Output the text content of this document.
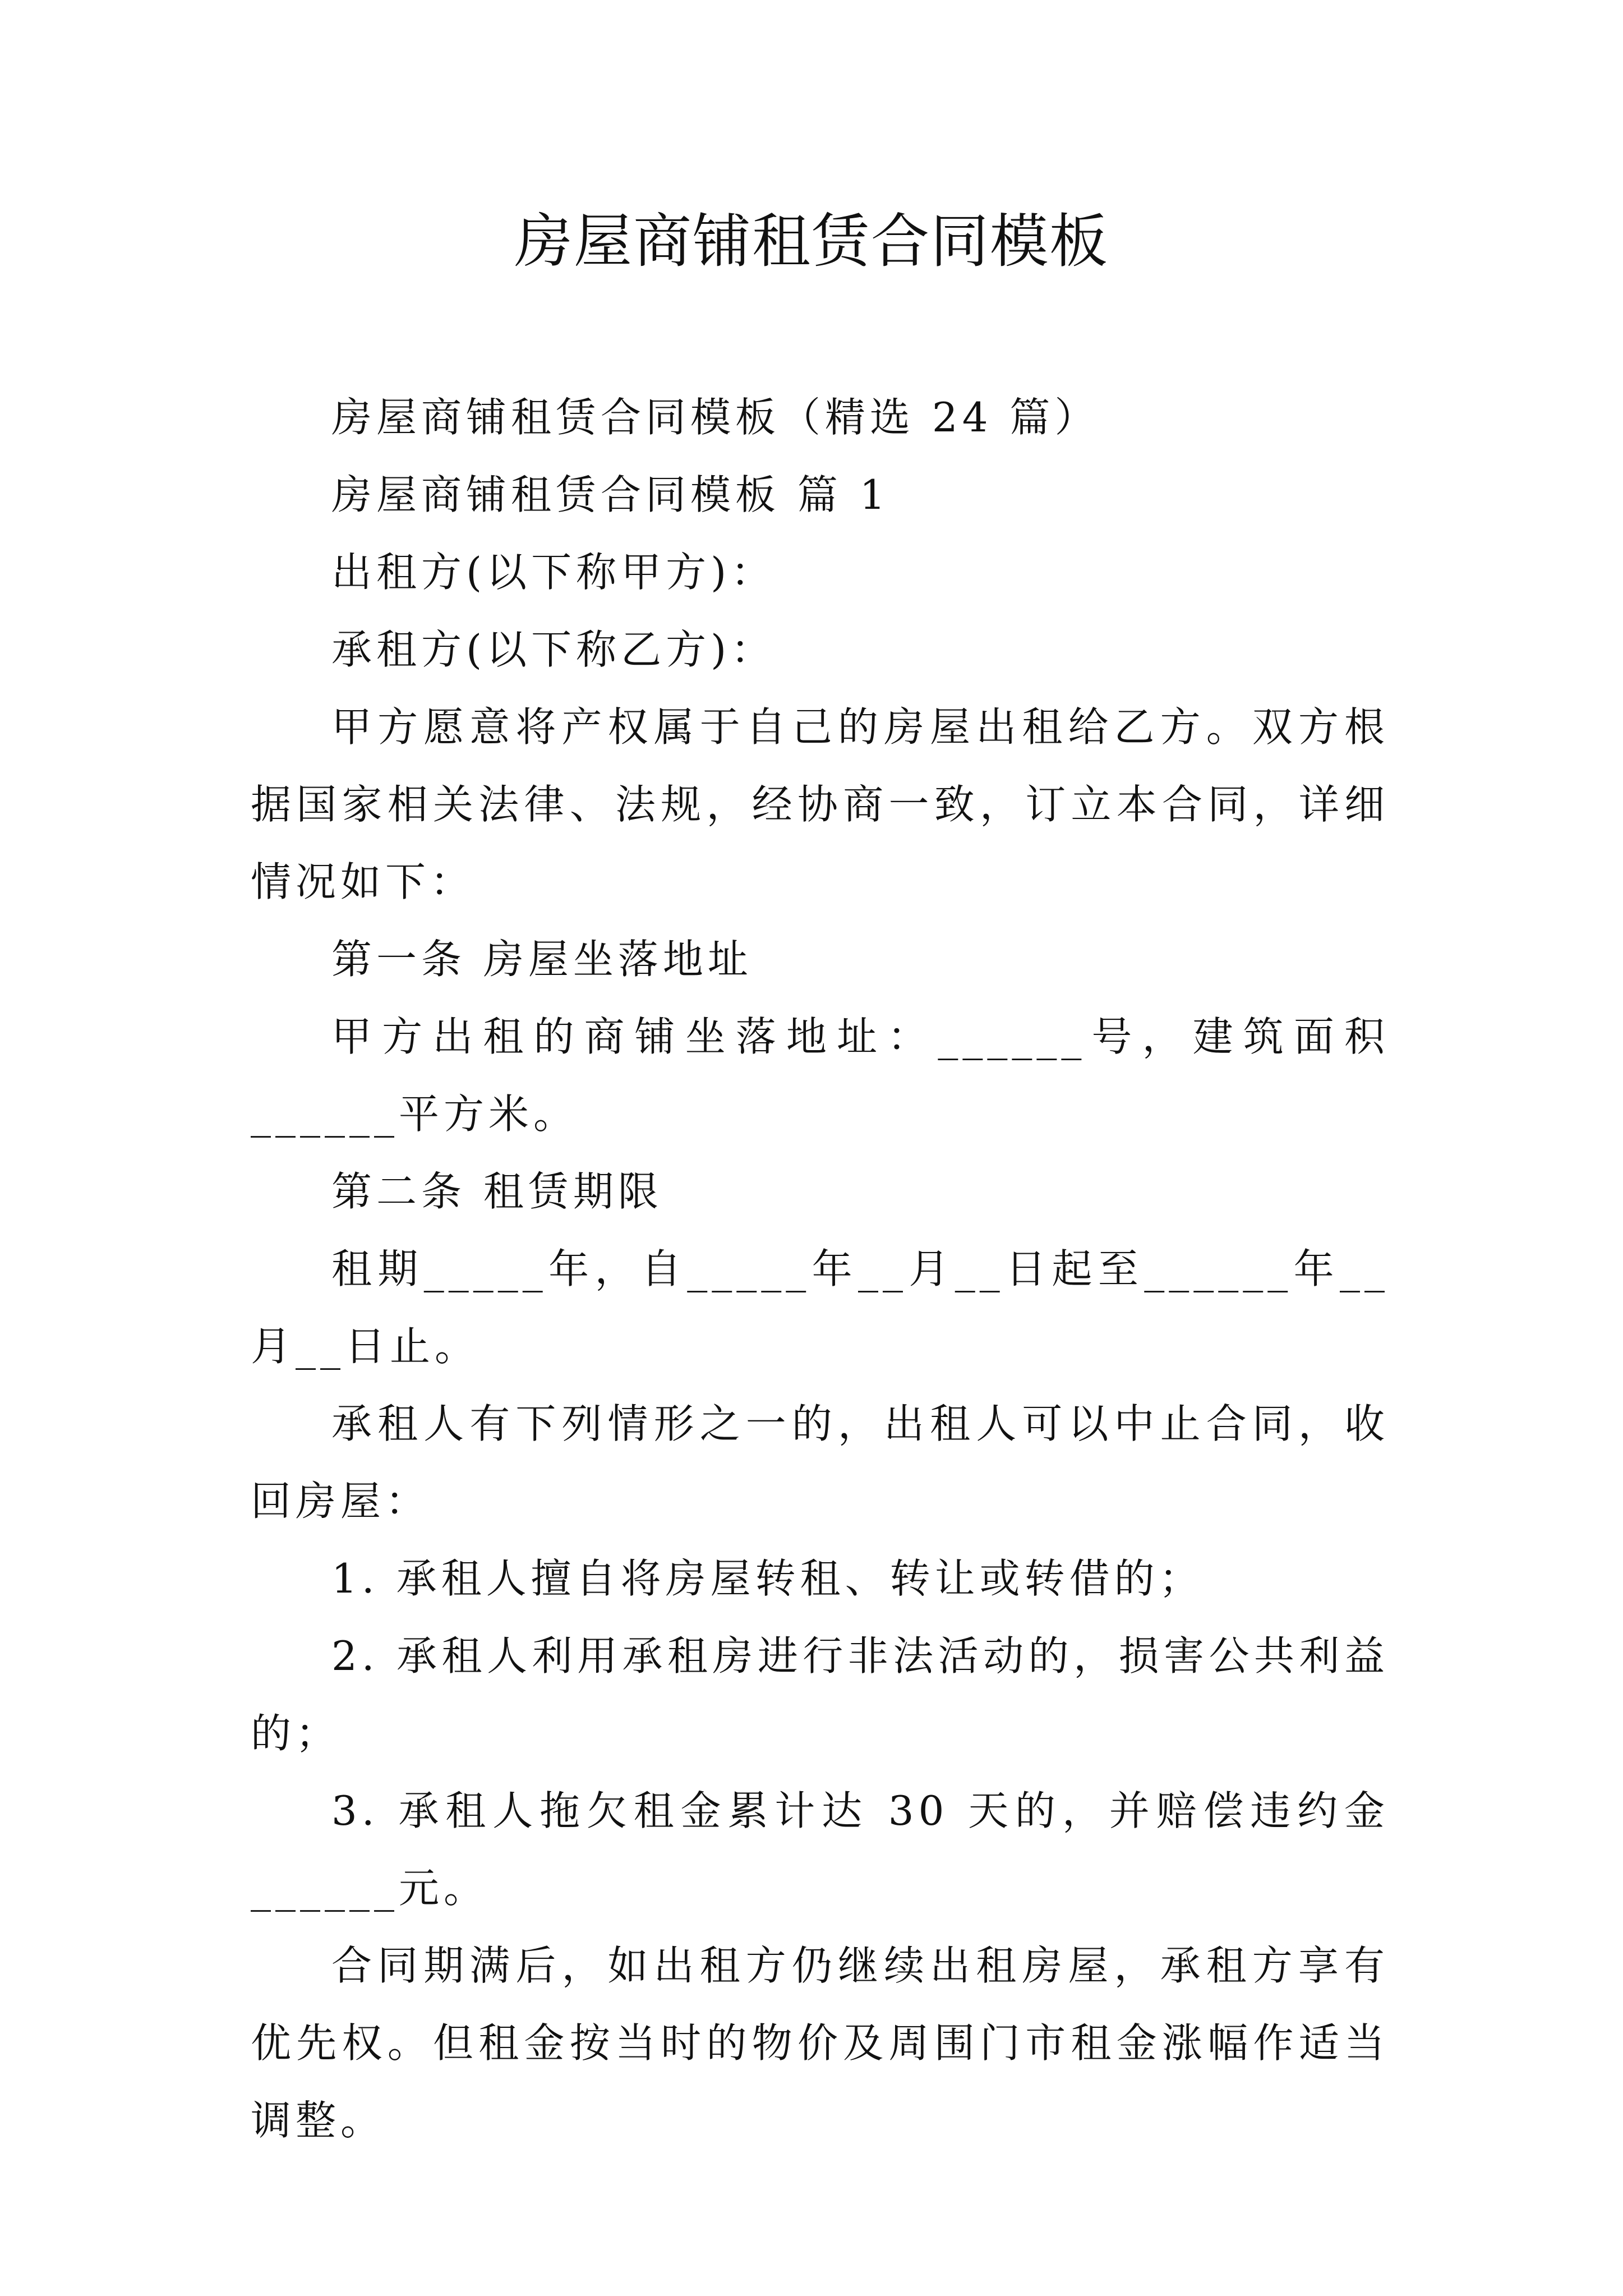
房屋商铺租赁合同模板

房屋商铺租赁合同模板（精选 24 篇）

房屋商铺租赁合同模板 篇 1

出租方(以下称甲方)：

承租方(以下称乙方)：

甲方愿意将产权属于自己的房屋出租给乙方。双方根据国家相关法律、法规，经协商一致，订立本合同，详细情况如下：

第一条 房屋坐落地址

甲方出租的商铺坐落地址：______号，建筑面积______平方米。

第二条 租赁期限

租期_____年，自_____年__月__日起至______年__月__日止。

承租人有下列情形之一的，出租人可以中止合同，收回房屋：

1. 承租人擅自将房屋转租、转让或转借的；

2. 承租人利用承租房进行非法活动的，损害公共利益的；

3. 承租人拖欠租金累计达 30 天的，并赔偿违约金______元。

合同期满后，如出租方仍继续出租房屋，承租方享有优先权。但租金按当时的物价及周围门市租金涨幅作适当调整。
